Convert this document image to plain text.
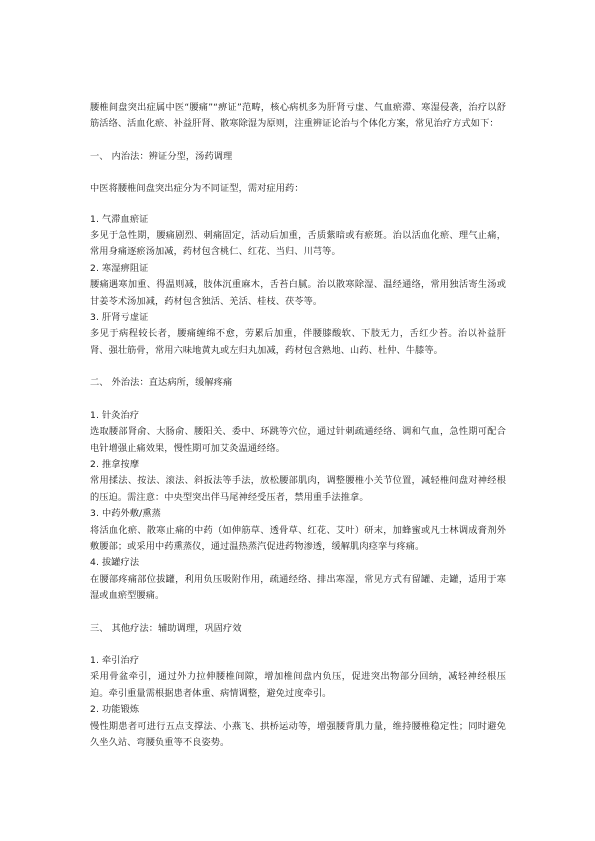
腰椎间盘突出症属中医“腰痛”“痹证”范畴，核心病机多为肝肾亏虚、气血瘀滞、寒湿侵袭，治疗以舒筋活络、活血化瘀、补益肝肾、散寒除湿为原则，注重辨证论治与个体化方案，常见治疗方式如下：

一、 内治法：辨证分型，汤药调理

中医将腰椎间盘突出症分为不同证型，需对症用药：

1. 气滞血瘀证

多见于急性期，腰痛剧烈、刺痛固定，活动后加重，舌质紫暗或有瘀斑。治以活血化瘀、理气止痛，常用身痛逐瘀汤加减，药材包含桃仁、红花、当归、川芎等。

2. 寒湿痹阻证

腰痛遇寒加重、得温则减，肢体沉重麻木，舌苔白腻。治以散寒除湿、温经通络，常用独活寄生汤或甘姜苓术汤加减，药材包含独活、羌活、桂枝、茯苓等。

3. 肝肾亏虚证

多见于病程较长者，腰痛缠绵不愈，劳累后加重，伴腰膝酸软、下肢无力，舌红少苔。治以补益肝肾、强壮筋骨，常用六味地黄丸或左归丸加减，药材包含熟地、山药、杜仲、牛膝等。

二、 外治法：直达病所，缓解疼痛

1. 针灸治疗

选取腰部肾俞、大肠俞、腰阳关、委中、环跳等穴位，通过针刺疏通经络、调和气血，急性期可配合电针增强止痛效果，慢性期可加艾灸温通经络。

2. 推拿按摩

常用揉法、按法、滚法、斜扳法等手法，放松腰部肌肉，调整腰椎小关节位置，减轻椎间盘对神经根的压迫。需注意：中央型突出伴马尾神经受压者，禁用重手法推拿。

3. 中药外敷/熏蒸

将活血化瘀、散寒止痛的中药（如伸筋草、透骨草、红花、艾叶）研末，加蜂蜜或凡士林调成膏剂外敷腰部；或采用中药熏蒸仪，通过温热蒸汽促进药物渗透，缓解肌肉痉挛与疼痛。

4. 拔罐疗法

在腰部疼痛部位拔罐，利用负压吸附作用，疏通经络、排出寒湿，常见方式有留罐、走罐，适用于寒湿或血瘀型腰痛。

三、 其他疗法：辅助调理，巩固疗效

1. 牵引治疗

采用骨盆牵引，通过外力拉伸腰椎间隙，增加椎间盘内负压，促进突出物部分回纳，减轻神经根压迫。牵引重量需根据患者体重、病情调整，避免过度牵引。

2. 功能锻炼

慢性期患者可进行五点支撑法、小燕飞、拱桥运动等，增强腰背肌力量，维持腰椎稳定性；同时避免久坐久站、弯腰负重等不良姿势。
